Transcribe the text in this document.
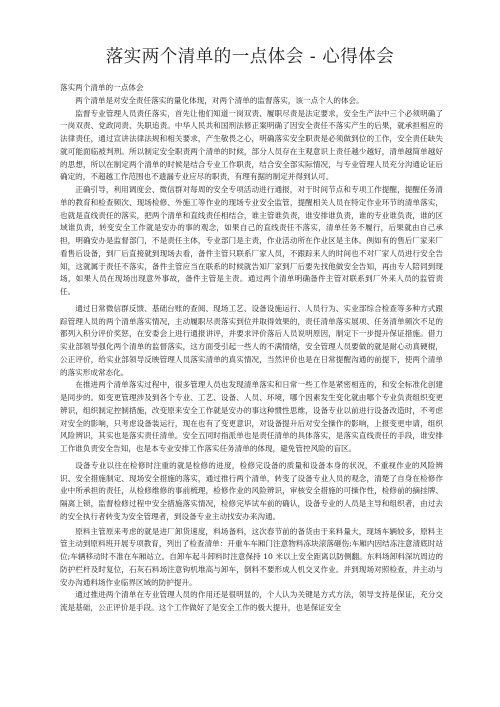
落实两个清单的一点体会 - 心得体会

落实两个清单的一点体会

两个清单是对安全责任落实的量化体现，对两个清单的监督落实，该一点个人的体会。

监督专业管理人员责任落实，首先让他们知道一岗双责、履职尽责是法定要求，安全生产法中三个必须明确了一岗双责、党政同责、失职追责。中华人民共和国刑法修正案明确了因安全责任不落实产生的后果，就承担相应的法律责任，通过宣讲法律法规和相关要求，产生敬畏之心，明确落实安全职责是必须做到位的工作，安全责任缺失就可能面临被判刑。所以制定安全职责两个清单的时候，部分人员存在主观意识上责任越少越好，清单越简单越好的思想，所以在制定两个清单的时候是结合专业工作职责，结合安全部实际情况，与专业管理人员充分沟通论证后确定的，不超越工作范围也不遗漏专业应尽的职责，有理有据的制定并得到认可。

正确引导，利用调度会、微信群对每周的安全专项活动进行通报，对于时间节点和专项工作提醒，提醒任务清单的教育和检查频次、现场检修、外施工等作业的现场专业安全监管，提醒相关人员在特定作业环节的清单落实，也就是直线责任的落实，把两个清单和直线责任相结合，谁主管谁负责，谁安排谁负责，谁的专业谁负责，谁的区域谁负责，转变安全工作就是安办的事的观念，如果自己的直线责任不落实，清单任务不履行，后果就由自己承担，明确安办是监督部门，不是责任主体，专业部门是主责，作业活动所在作业区是主体。例如有的售后厂家来厂看售后设备，到厂后直接就到现场去看，备件主管只联系厂家人员，不跟踪来人的时间也不对厂家人员进行安全告知，这就属于责任不落实，备件主管应当在联系的时候就告知厂家到厂后要先找他做安全告知，再由专人陪同到现场，如果人员在现场出现意外事故，备件主管是主责。通过两个清单明确备件主管对联系到厂外来人员的监管责任。

通过日常微信群反馈、基础台账的查阅、现场工艺、设备设施运行、人员行为、实业部综合检查等多种方式跟踪管理人员的两个清单落实情况，主动履职尽责落实到位并取得效果的，责任清单落实展项、任务清单频次不足的都列入积分评价奖惩，在安委会上进行通报讲评，并要求评价落后人员说明原因，制定下一步提升保证措施。借力实业部领导强化两个清单的监督落实，这方面受引起一些人的不满情绪，安全管理人员要做的就是耐心动真硬棍，公正评价，给实业部领导反映管理人员落实清单的真实情况，当然评价也是在日常提醒沟通的前提下，使两个清单的落实形成常态化。

在推进两个清单落实过程中，很多管理人员也发现清单落实和日常一些工作是紧密相连的，和安全标准化创建是同步的。如变更管理涉及到各个专业、工艺、设备、人员、环境，哪个因素发生变化就由哪个专业负责组织变更辨识，组织制定控制措施，改变原来安全工作就是安办的事这种惯性思维，设备专业以前进行设备改造时，不考虑对安全的影响，只考虑设备装运行，现在也有了变更意识，对设备提升后对安全操作的影响，上报变更申请，组织风险辨识，其实也是落实责任清单。安全五同时指派单也是责任清单的具体落实，是落实直线责任的手段，谁安排工作谁负责安全告知，也是本专业安排工作落实任务清单的体现，避免管控风险的盲区。

设备专业以往在检修时注重的就是检修的进度，检修完设备的质量和设备本身的状况，不重视作业的风险辨识、安全措施制定、现场安全措施的落实，通过推行两个清单，转变了设备专业人员的观念，清楚了自身在检修作业中所承担的责任，从检修维修的事前梳理，检修作业的风险辨识，审核安全措施的可操作性，检修前的摘挂牌、隔离上锁，监督检修过程中安全措施落实情况，检修完毕试车前的确认，设备专业的人员是主导和组织者，由过去的安全执行者转变为安全管理者，到设备专业主动找安办来沟通。

原料主管原来考虑的就是进厂卸货速度，料场备料，这次春节前的备货由于来料量大，现场车辆较多，原料主管主动到原料班开展专项教育，列出了检查清单：开重车车厢门注意物料冻块滚落砸伤;车厢内因结冻注意清底时站位;车辆移动时不准在车厢站立。自卸车起斗卸料时注意保持 10 米以上安全距离以防侧翻。东料场卸料深坑周边的防护栏杆及时复位，石灰石料场注意钩机堆高与卸车，倒料不要形成人机交叉作业。并到现场对照检查，并主动与安办沟通料场作业临界区域的防护提升。

通过推进两个清单在专业管理人员的作用还是很明显的，个人认为关键是方式方法，领导支持是保证，充分交流是基础，公正评价是手段。这个工作做好了是安全工作的极大提升，也是保证安全
